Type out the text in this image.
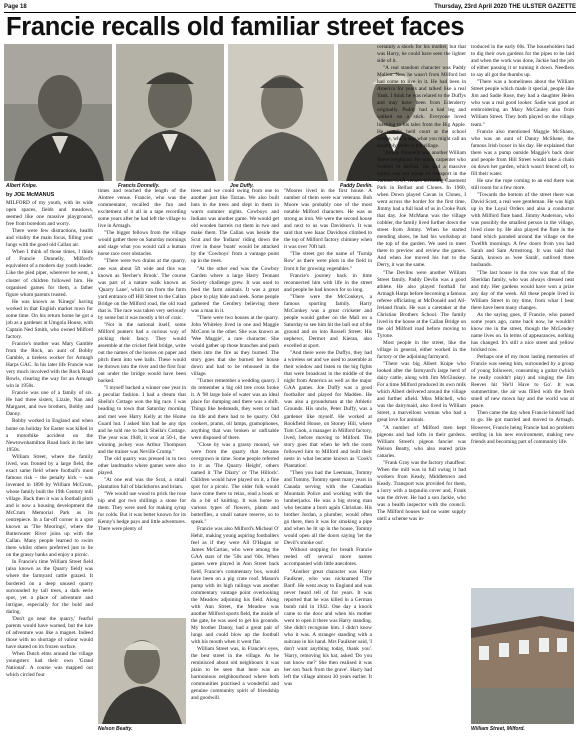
Page 18	Thursday, 23rd April 2020 THE ULSTER GAZETTE
Francie recalls old familiar street faces
Albert Knipe.	Francis Donnelly.	Joe Duffy.	Paddy Devlin.
by JOE McMANUS

MILFORD of my youth, with its wide open spaces, fields and meadows, seemed like one massive playground, free from boredom and worry.

There were few distractions, health and vitality the main focus, filling your lungs with the good old Callan air.

When I think of those times, I think of Francie Donnelly, Milford's equivalent of a modern day youth leader. Like the pied piper, wherever he went, a cluster of children followed him. He organised games for them, a father figure whom parents trusted.

He was known as 'Kinego' having worked in that English market town for some time. On his return home he got a job as a gardener at Umgola House, with Captain Ned Smith, who owned Milford factory.

Francie's mother was Mary Gamble from the Rock, an aunt of Bobby Gamble, a tireless worker for Armagh Harps GAC. In his later life Francie was very much involved with the Rock Road Bowls, clearing the way for an Armagh win in 1950s.

Francie was one of a family of six. He had three sisters, Lizzie, Nan and Margaret, and two brothers, Bobby and Danny.

Bobby worked in England and when home on holiday for Easter was killed in a motorbike accident on the Newtownhamilton Road back in the late 1950s.

William Street, where the family lived, was fronted by a large field, the exact same field where football's most famous risk – the penalty kick – was invented in 1890 by William McCrum, whose family built the 19th Century mill village. Back then it was a football pitch and is now a housing development the McCrum Memorial Park as its centrepiece. In a far-off corner is a spot known as 'The Moorings', where the Butterwater River joins up with the Callan. Many people learned to swim there whilst others preferred just to lie on the grassy banks and enjoy a picnic.

In Francie's time William Street field (also known as the Quarry field) was where the farmyard cattle grazed. It bordered on a deep unused quarry surrounded by tall trees, a dark eerie spot, yet a place of adventure and intrigue, especially for the bold and daring.

'Don't go near the quarry,' fearful parents would have warned, but the lure of adventure was like a magnet. Indeed those with no shortage of valour would have skated on its frozen surface.

When Dutch elms around the village youngsters had their own 'Grand National'. A course was mapped out which circled four

times and reached the length of the Aintree venue. Francie, who was the commentator, recalled the fun and excitement of it all in a tape recording some years after he had left the village to live in Armagh.

"The bigger fellows from the village would gather there on Saturday mornings and stage what you would call a human horse race over obstacles.

"There were two drains at the quarry, one was about 5ft wide and this was known as 'Becher's Brook'. The course was part of a nature walk known as 'Quarry Lane', which ran from the farm yard entrance off Hill Street to the Callan Bridge on the Milford road, the old road that is. The race was taken very seriously by some but it was mostly a bit of craic.

"Not in the national itself, some Milford punters had a curious way of picking their fancy. They would assemble at the cricket field bridge, write out the names of the horses on paper and pitch them into wee balls. These would be thrown into the river and the first four out under the bridge would have been backed.

"I myself backed a winner one year in a peculiar fashion. I had a dream that Sheila's Cottage won the big race. I was heading to town that Saturday morning and met wee Harry Kelly at the Home Guard hut. I asked him had he any tips and he told me to back Sheila's Cottage. The year was 1948, it won at 50-1, the winning jockey was Arthur Thompson and the trainer was Neville Crump."

The old quarry was pressed in to two other landmarks where games were also played.

"At one end was the Scut, a small plantation full of blackthorns and briars.

"We would use wood to prick the rose hip and got two shillings a stone for them. They were used for making syrup for colds. But it was better known for its Kenny's hedge pays and little adventures. There were plenty of

trees and we could swing from one to another just like Tarzan. We also built huts in the trees and slept in them in warm summer nights. Cowboys and Indians was another game. We would get old wooden barrels cut them in two and make them. The Callan was beside the Scut and the 'Indians' riding down the river in those 'boats' would be attacked by the 'Cowboys' from a vantage point up in the trees.

"At the other end was the Cowboy Garden where a large Harry Tennant Society challenge grew. It was used to feed the farm animals. It was a great place to play hide and seek. Some people gathered the Gentlery believing there was a man in it.

"There were two houses at the quarry. John Whiteley lived in one and Maggie McConn in the other. She was known as 'Wee Maggie', a rare character. She would gather up those branches and push them into the fire as they burned. The story goes that she burned her house down and had to be rehoused in the village.

"Turner remember a wedding quarry. I do remember a big old tree cross broke it. A '98 large hole of water was an ideal place for dumping and there was a shift. Things like bedsteads, they went or had no life and there had to be quarry. Old cookers, prams, oil lamps, gramophones, anything that was broken or unfixable were disposed of there.

"Close by was a grassy mound, we were from the quarry that became overgrown in time. Some people referred to it as 'The Quarry Height', others named it 'The Diarry' or 'The Hillock'. Children would have played on it, a fine spot for a picnic. The older folk would have come there to relax, read a book or do a bit of knitting. It was home to various types of flowers, plants and butterflies, a small nature reserve, so to speak."

Francie was also Milford's Micheal O' Hehir, making young aspiring footballers feel as if they were All O'Hagan or James McCartan, who were among the GAA stars of the '50s and '60s. When games were played in Ann Street back field, Francie's commentary box, would have been on a pig crate roof. Mason's pump with its high railings was another commentary vantage point overlooking the Meadow adjoining his field. Along with Ann Street, the Meadow was another Milford sports field, the inside of the gate, he was used to get his grounds. My brother Danny, had a great pair of lungs and could blow up the football with his mouth when it went flat.

William Street was, in Francie's eyes, the best street in the village. As he reminisced about old neighbours it was plain to be seen that here was an harmonious neighbourhood where both communities practised a wonderful and genuine community spirit of friendship and goodwill.

"Moores lived in the first house. A number of them were war veterans. Bob Moore was probably one of the most notable Milford characters. He was as strong as iron. We were the second house and next to us was Davidson's. It was said that wee Isaac Davidson climbed to the top of Milford factory chimney when it was over 70ft tall.

"The street got the name of 'Turnip Row' as there were plots in the field in front it for growing vegetables."

Francie's journey back in time reconnected him with life in the street and people he had known for so long.

"There were the McConkeys, a famous sporting family. Harry McConkey was a great cricketer and people would gather on the Mall on a Saturday to see him hit the ball out of the ground and on into Russell Street. His nephews, Dermot and Kieran, also excelled at sport.

"And there were the Duffys, they had a wireless set and we used to assemble at their window and listen to the big fights that were broadcast in the middle of the night from America as well as the major GAA games. Joe Duffy was a good footballer and played for Madden. He was also a groundsman at the Athletic Grounds. His uncle, Peter Duffy, was a gardener like myself. He worked at Rookfield House, on Stoney Hill, where Tom Cook, a manager in Milford factory, lived, before moving to Milford. The story goes that when he left the roots followed him to Milford and built their nests in what became known as 'Cook's Plantation'.

"Then you had the Leemans, Tommy and Tommy. Tommy spent many years in Canada serving with the Canadian Mountain Police and working with the lumberjacks. He was a big strong man who became a born again Christian. His brother Jordan, a plumber, would often go there, then it was for smoking a pipe and when he lit up in the house, Tommy would open all the doors saying 'let the Devil's smoke out'.

Without stopping for breath Francie reeled off several more names accompanied with little anecdotes.

"Another great character was Harry Faulkner, who was nicknamed 'The Bard'. He went away to England and was never heard tell of for years. It was reported that he was killed in a German bomb raid in 1942. One day a knock came to the door and when his mother went to open it there was Harry standing. She didn't recognise him. I didn't know who it was. A stranger standing with a suitcase in his hand. Mrs Faulkner said, 'I don't want anything today, thank you'. 'Harry, removing his hat, asked 'Do you not know me?' She then realised it was her son 'back from the grave'. Harry had left the village almost 30 years earlier. It was

certainly a shock for his mother, but that was Harry, he could have seen the lighter side of it.

"A real standout character was Paddy Mallon. Now he wasn't from Milford but had come to live in it. He had been in America for years and talked like a real Yank. I think he was related to the Duffys and may have been from Edenderry originally. Paddy had a bad leg and walked on a stick. Everyone loved listening to his tales from the Big Apple. He usually held court at the school bridge, which was what you might call an assembly point in the village.

"Jimmy Donnelly was another William Street neighbour. He was a carpenter who worked in Belfast. He had a massive which was our mode of transport in the various GAA venues including Casement Park in Belfast and Clones. In 1960, when Down played Cavan in Clones, I went across the border for the first time, Jimmy had a full load of us in Croke Park that day. Joe McMann was the village cobbler, the family lived further down the street from Jimmy. When he started mending shoes, he had his workshop at the top of the garden. We used to meet there to preview and review the games. And when Joe moved his hut to the Derry, it was the same.

"The Devlins were another William Street family. Paddy Devlin was a good athlete. He also played football for Armagh Harps before becoming a famous referee officiating at McDonald and All-Ireland finals. He was a caretaker at the Christian Brothers School. The family lived in the house at the Callan Bridge on the old Milford road before moving to Tyrone.

Most people in the street, like the village in general, either worked in the factory or the adjoining farmyard.

"There was big Albert Knipe who looked after the farmyard's large herd of dairy cattle, along with Jim McGluskey. For a time Milford produced its own milk which Albert delivered around the village and further afield. Miss Mitchell, who was the dairymaid, also lived in William Street, a marvellous woman who had a great love for animals.

"A number of Milford men kept pigeons and had lofts in their gardens. William Street's pigeon fancier was Nelson Beatty, who also reared prize canaries.

"Frank Gray was the factory chauffeur. When the mill was in full swing it had workers from Keady, Middletown and Keady. Transport was provided for them, a lorry with a tarpaulin cover and, Frank was the driver. He had a son Jackie, who was a health inspector with the council. The Milford houses had no water supply until a scheme was in-

troduced in the early 60s. The householders had to dig their own gardens for the pipes to be laid and when the work was done, Jackie had the job of either passing it or turning it down. Needless to say all got the thumbs up.

"There was a homeliness about the William Street people which made it special, people like Jim and Sadie Rose, they had a daughter Helen who was a real good looker. Sadie was good at embroidering an Mary McCauley also from William Street. They both played on the village team."

Francie also mentioned Maggie McShane, who was an aunt of Danny McShane, the famous Irish boxer in his day. He explained that there was a pump outside Maggie's back door and people from Hill Street would take a chain on down her garden, which wasn't fenced off, to fill their water.

He saw the rope coming to an end there was still room for a few more.

"Towards the bottom of the street there was David Scott, a real wee gentleman. He was high up in the Loyal Orders and also a conductor with Milford flute band. Jimmy Anderson, who was possibly the smallest person in the village, lived close by. He also played the flute in the band which paraded around the village on the Twelfth mornings. A few doors from you had Sarah and Sam Armstrong. It was said that Sarah, known as 'wee Sarah', outlived three husbands.

"The last house in the row was that of the Sheridan family, who was always dressed neat and tidy. Her gardens would have won a prize any day of the week. All these people lived in William Street in my time, from what I hear there have been many changes.

As the saying goes, if Francie, who passed some years ago, came back now, he wouldn't know me in the street, though the McLendey name lives on. In terms of appearances, nothing has changed. It's still a nice street and yellow bricked row.

Perhaps one of my most lasting memories of Francie was seeing him, surrounded by a group of young followers, consuming a guitar (which he really couldn't play) and singing the Jim Reeves hit 'He'll Have to Go'. It was summertime, the air was filled with the fresh smell of new mown hay and the world was at peace.

Then came the day when Francie himself had to go. He got married and moved to Armagh. However, Francie being Francie had no problem settling in his new environment, making new friends and becoming part of community life.

Nelson Beatty.	William Street, Milford.
